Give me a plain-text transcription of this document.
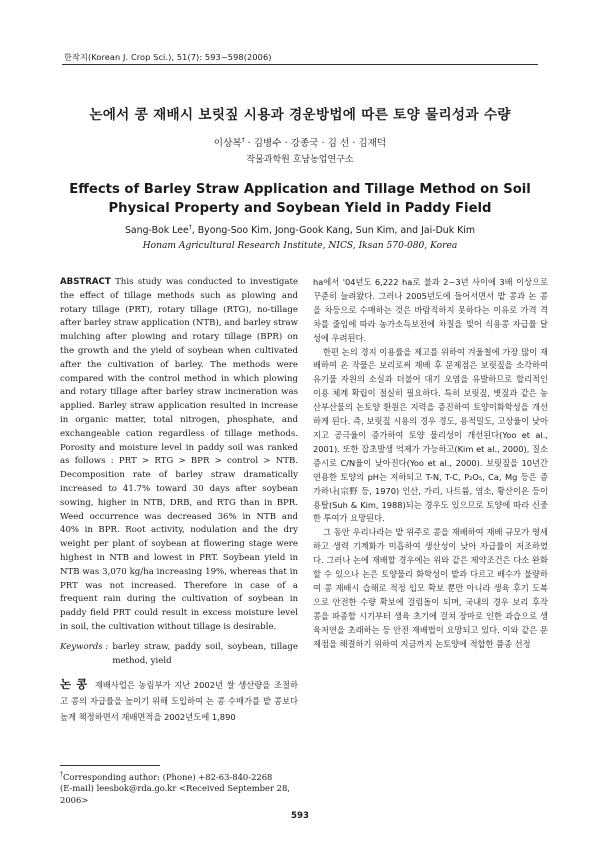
한작지(Korean J. Crop Sci.), 51(7): 593~598(2006)
논에서 콩 재배시 보릿짚 시용과 경운방법에 따른 토양 물리성과 수량
이상복† · 김병수 · 강종국 · 김 선 · 김재덕
작물과학원 호남농업연구소
Effects of Barley Straw Application and Tillage Method on Soil Physical Property and Soybean Yield in Paddy Field
Sang-Bok Lee†, Byong-Soo Kim, Jong-Gook Kang, Sun Kim, and Jai-Duk Kim
Honam Agricultural Research Institute, NICS, Iksan 570-080, Korea
ABSTRACT This study was conducted to investigate the effect of tillage methods such as plowing and rotary tillage (PRT), rotary tillage (RTG), no-tillage after barley straw application (NTB), and barley straw mulching after plowing and rotary tillage (BPR) on the growth and the yield of soybean when cultivated after the cultivation of barley. The methods were compared with the control method in which plowing and rotary tillage after barley straw incineration was applied. Barley straw application resulted in increase in organic matter, total nitrogen, phosphate, and exchangeable cation regardless of tillage methods. Porosity and moisture level in paddy soil was ranked as follows : PRT > RTG > BPR > control > NTB. Decomposition rate of barley straw dramatically increased to 41.7% toward 30 days after soybean sowing, higher in NTB, DRB, and RTG than in BPR. Weed occurrence was decreased 36% in NTB and 40% in BPR. Root activity, nodulation and the dry weight per plant of soybean at flowering stage were highest in NTB and lowest in PRT. Soybean yield in NTB was 3,070 kg/ha increasing 19%, whereas that in PRT was not increased. Therefore in case of a frequent rain during the cultivation of soybean in paddy field PRT could result in excess moisture level in soil, the cultivation without tillage is desirable.
Keywords : barley straw, paddy soil, soybean, tillage method, yield
논 콩 재배사업은 농림부가 지난 2002년 쌀 생산량을 조절하고 콩의 자급률을 높이기 위해 도입하여 논 콩 수매가를 밭 콩보다 높게 책정하면서 재배면적을 2002년도에 1,890

ha에서 '04년도 6,222 ha로 불과 2~3년 사이에 3배 이상으로 꾸준히 늘려왔다. 그러나 2005년도에 들어서면서 밭 콩과 논 콩을 차등으로 수매하는 것은 바람직하지 못하다는 이유로 가격 격차를 줄임에 따라 농가소득보전에 차질을 빚어 식용콩 자급률 달성에 우려된다.

한편 논의 경지 이용률을 제고를 위하여 겨울철에 가장 많이 재배하여 온 작물은 보리로써 재배 후 문제점은 보릿짚을 소각하여 유기물 자원의 소실과 더불어 대기 오염을 유발하므로 합리적인 이용 체계 확립이 절실히 필요하다. 특히 보릿짚, 볏짚과 같은 농산부산물의 논토양 환원은 지력을 증진하여 토양이화학성을 개선하게 된다. 즉, 보릿짚 시용의 경우 경도, 용적밀도, 고상율이 낮아지고 공극율이 증가하여 토양 물리성이 개선된다(Yoo et al., 2001). 또한 잡초발생 억제가 가능하고(Kim et al., 2000), 질소증시로 C/N율이 낮아진다(Yoo et al., 2000). 보릿짚을 10년간 연용한 토양의 pH는 저하되고 T-N, T-C, P₂O₅, Ca, Mg 등은 증가하나(宗野 등, 1970) 인산, 가리, 나트륨, 염소, 황산이온 등이 용탈(Suh & Kim, 1988)되는 경우도 있으므로 토양에 따라 신중한 투여가 요망된다.

그 동안 우리나라는 밭 위주로 콩을 재배하여 재배 규모가 영세하고 생력 기계화가 미흡하여 생산성이 낮아 자급률이 저조하였다. 그러나 논에 재배할 경우에는 위와 같은 제약조건은 다소 완화할 수 있으나 논은 토양물리 화학성이 밭과 다르고 배수가 불량하여 콩 재배시 습해로 적정 입모 확보 뿐만 아니라 생육 후기 도복으로 안전한 수량 확보에 걸림돌이 되며, 국내의 경우 보리 후작 콩을 파종할 시기부터 생육 초기에 걸쳐 장마로 인한 과습으로 생육저연을 초래하는 등 안전 재배법이 요망되고 있다. 이와 같은 문제점을 해결하기 위하여 지금까지 논토양에 적합한 품종 선정

†Corresponding author: (Phone) +82-63-840-2268
(E-mail) leesbok@rda.go.kr <Received September 28, 2006>
593
